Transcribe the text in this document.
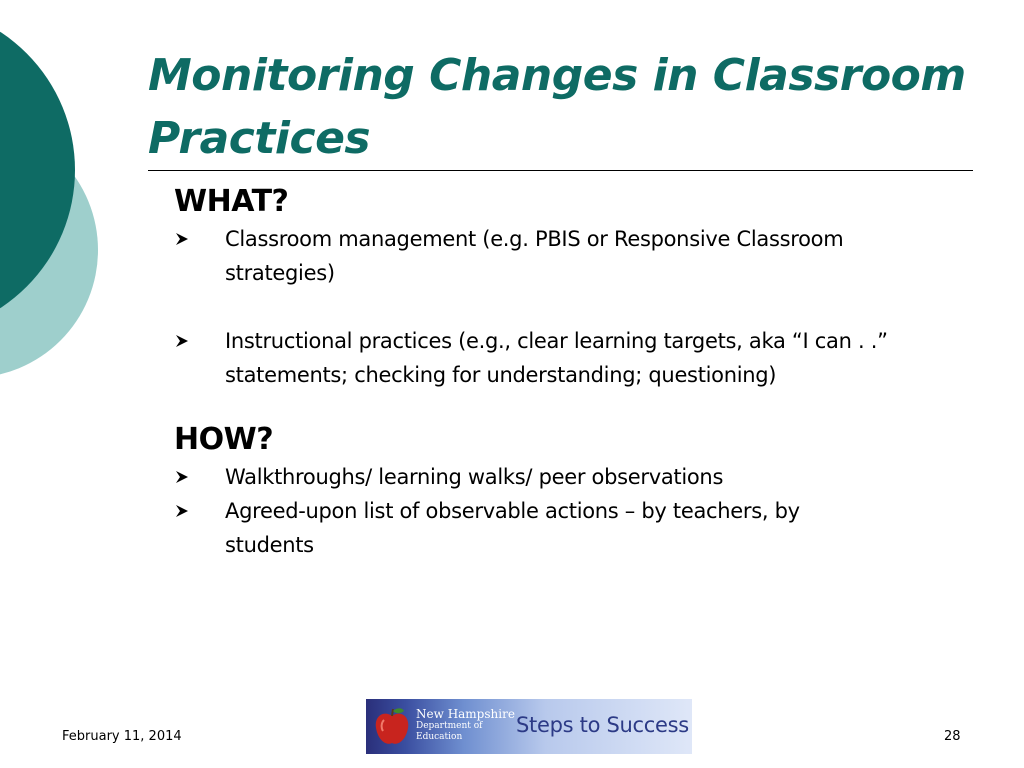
Monitoring Changes in Classroom Practices

WHAT?

Classroom management (e.g. PBIS or Responsive Classroom strategies)
Instructional practices (e.g., clear learning targets, aka “I can . .” statements; checking for understanding; questioning)

HOW?

Walkthroughs/ learning walks/ peer observations
Agreed-upon list of observable actions – by teachers, by students
February 11, 2014
New Hampshire
Department of
Education	Steps to Success	28
